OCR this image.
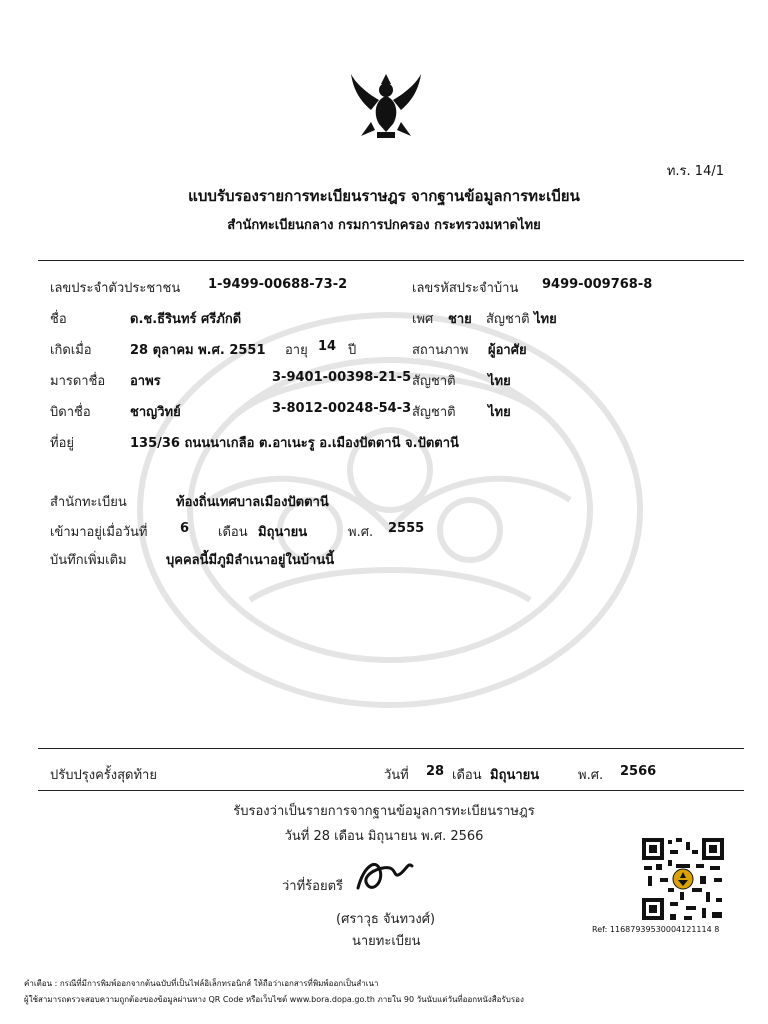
ท.ร. 14/1
แบบรับรองรายการทะเบียนราษฎร จากฐานข้อมูลการทะเบียน
สำนักทะเบียนกลาง กรมการปกครอง กระทรวงมหาดไทย
เลขประจำตัวประชาชน 1-9499-00688-73-2	เลขรหัสประจำบ้าน 9499-009768-8
ชื่อ	ด.ช.ธีรินทร์ ศรีภักดี	เพศ ชาย สัญชาติ ไทย
เกิดเมื่อ	28 ตุลาคม พ.ศ. 2551 อายุ 14 ปี	สถานภาพ ผู้อาศัย
มารดาชื่อ อาพร	3-9401-00398-21-5 สัญชาติ ไทย
บิดาชื่อ	ชาญวิทย์	3-8012-00248-54-3 สัญชาติ ไทย
ที่อยู่	135/36 ถนนนาเกลือ ต.อาเนะรู อ.เมืองปัตตานี จ.ปัตตานี
สำนักทะเบียน	ท้องถิ่นเทศบาลเมืองปัตตานี
เข้ามาอยู่เมื่อวันที่	6 เดือน มิถุนายน	พ.ศ. 2555
บันทึกเพิ่มเติม	บุคคลนี้มีภูมิลำเนาอยู่ในบ้านนี้
ปรับปรุงครั้งสุดท้าย	วันที่ 28 เดือน มิถุนายน	พ.ศ. 2566
รับรองว่าเป็นรายการจากฐานข้อมูลการทะเบียนราษฎร
วันที่ 28 เดือน มิถุนายน พ.ศ. 2566
ว่าที่ร้อยตรี
(ศราวุธ จันทวงศ์)
นายทะเบียน
Ref: 11687939530004121114 8
คำเตือน : กรณีที่มีการพิมพ์ออกจากต้นฉบับที่เป็นไฟล์อิเล็กทรอนิกส์ ให้ถือว่าเอกสารที่พิมพ์ออกเป็นสำเนา
ผู้ใช้สามารถตรวจสอบความถูกต้องของข้อมูลผ่านทาง QR Code หรือเว็บไซต์ www.bora.dopa.go.th ภายใน 90 วันนับแต่วันที่ออกหนังสือรับรอง
